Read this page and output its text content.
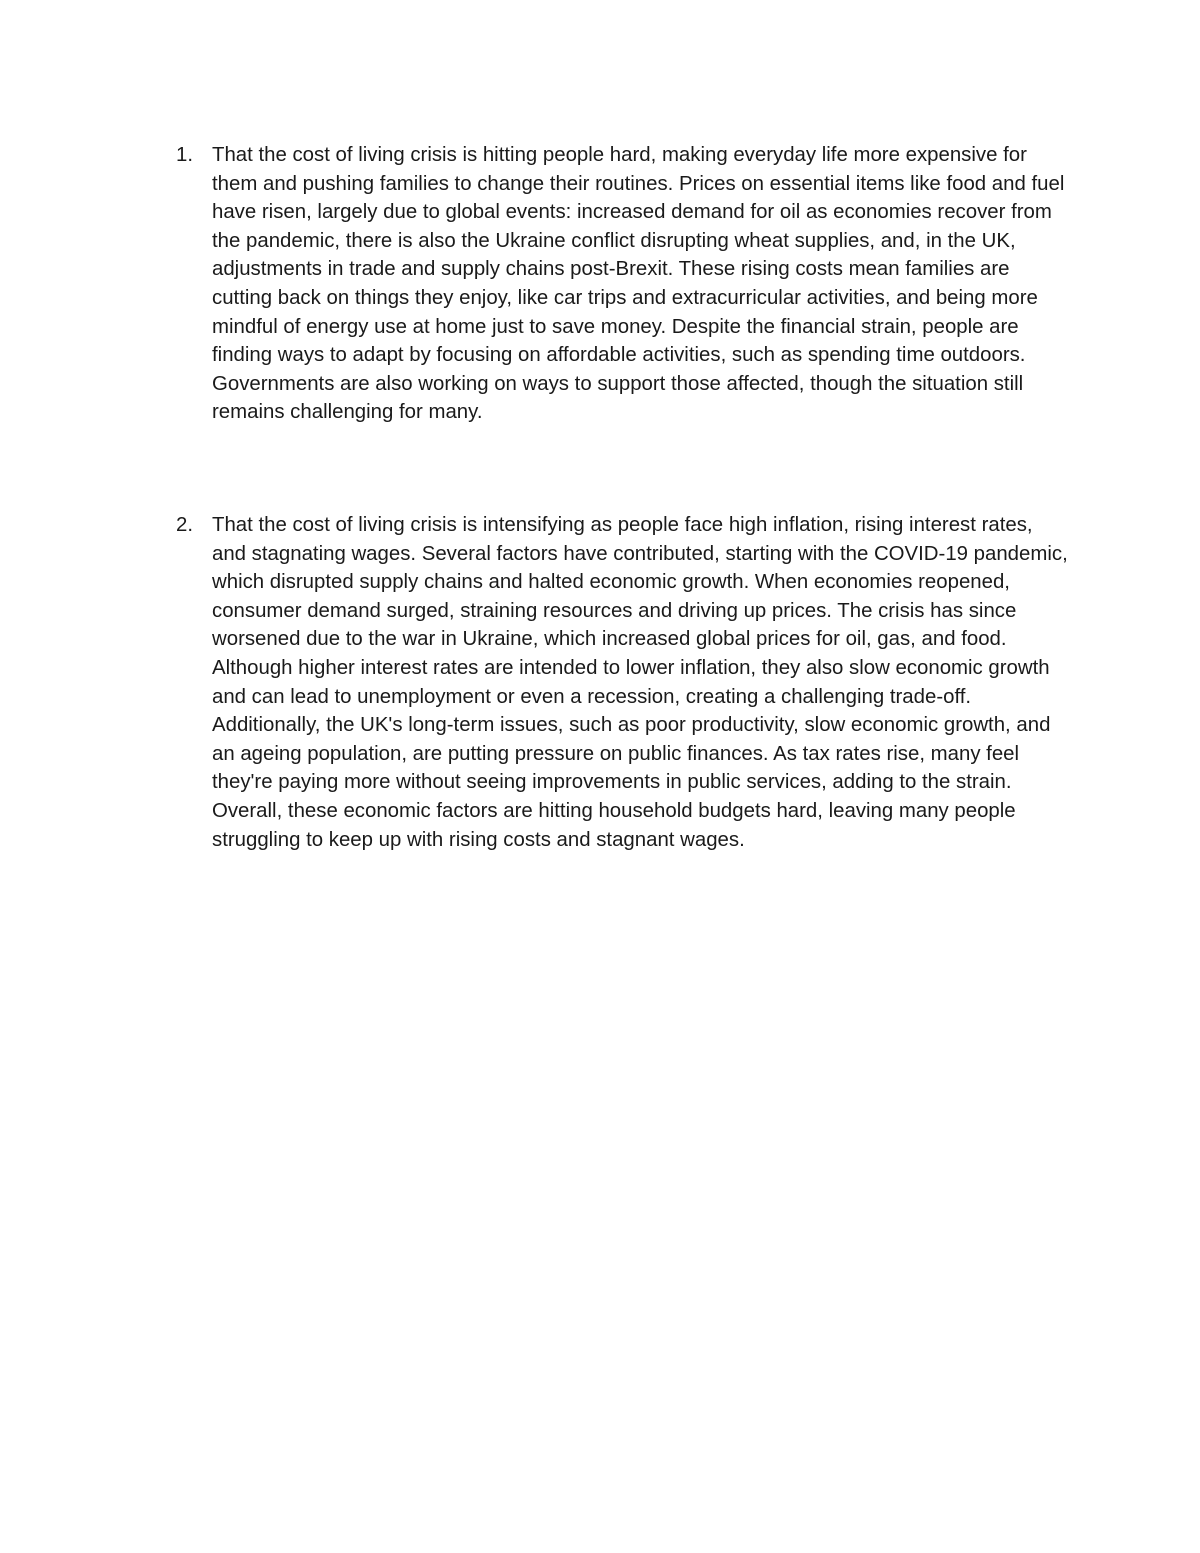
1. That the cost of living crisis is hitting people hard, making everyday life more expensive for them and pushing families to change their routines. Prices on essential items like food and fuel have risen, largely due to global events: increased demand for oil as economies recover from the pandemic, there is also the Ukraine conflict disrupting wheat supplies, and, in the UK, adjustments in trade and supply chains post-Brexit. These rising costs mean families are cutting back on things they enjoy, like car trips and extracurricular activities, and being more mindful of energy use at home just to save money. Despite the financial strain, people are finding ways to adapt by focusing on affordable activities, such as spending time outdoors. Governments are also working on ways to support those affected, though the situation still remains challenging for many.
2. That the cost of living crisis is intensifying as people face high inflation, rising interest rates, and stagnating wages. Several factors have contributed, starting with the COVID-19 pandemic, which disrupted supply chains and halted economic growth. When economies reopened, consumer demand surged, straining resources and driving up prices. The crisis has since worsened due to the war in Ukraine, which increased global prices for oil, gas, and food. Although higher interest rates are intended to lower inflation, they also slow economic growth and can lead to unemployment or even a recession, creating a challenging trade-off. Additionally, the UK's long-term issues, such as poor productivity, slow economic growth, and an ageing population, are putting pressure on public finances. As tax rates rise, many feel they're paying more without seeing improvements in public services, adding to the strain. Overall, these economic factors are hitting household budgets hard, leaving many people struggling to keep up with rising costs and stagnant wages.
